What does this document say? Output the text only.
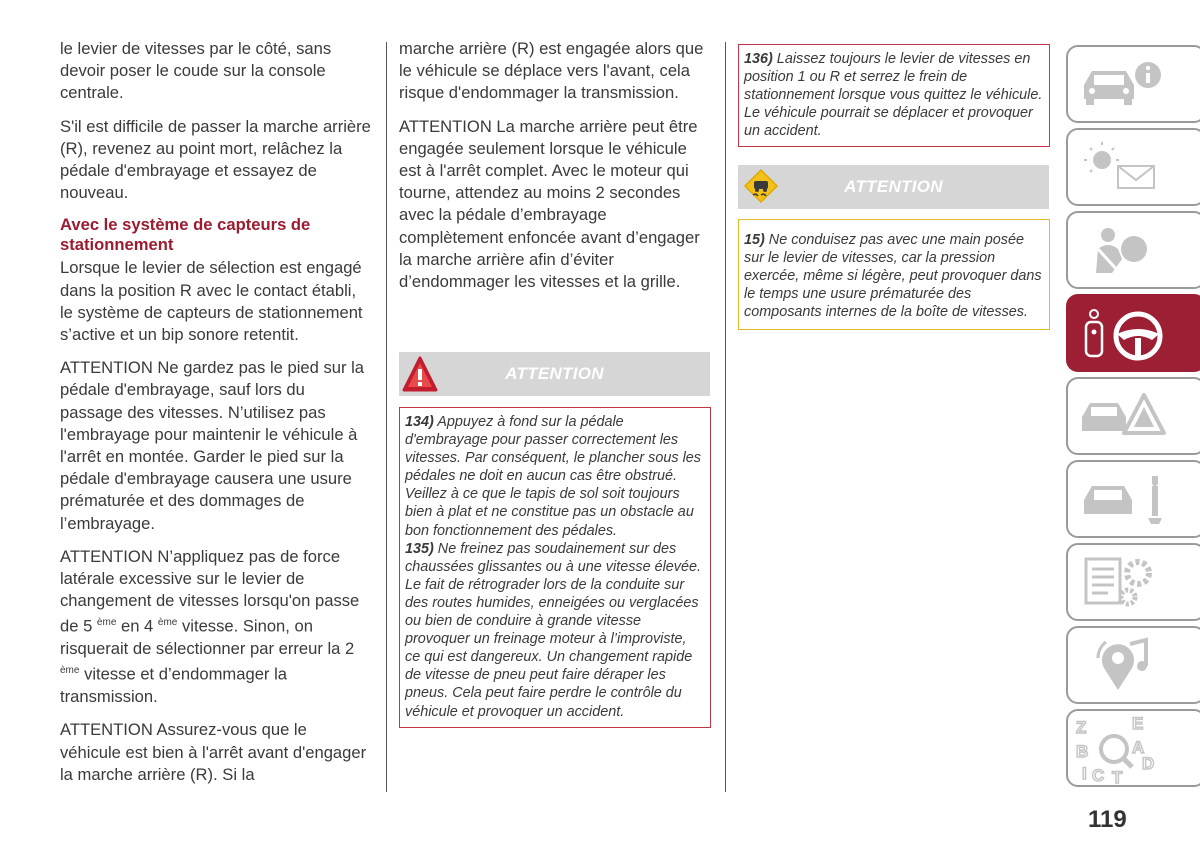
le levier de vitesses par le côté, sans devoir poser le coude sur la console centrale.

S'il est difficile de passer la marche arrière (R), revenez au point mort, relâchez la pédale d'embrayage et essayez de nouveau.

Avec le système de capteurs de stationnement

Lorsque le levier de sélection est engagé dans la position R avec le contact établi, le système de capteurs de stationnement s’active et un bip sonore retentit.

ATTENTION Ne gardez pas le pied sur la pédale d'embrayage, sauf lors du passage des vitesses. N’utilisez pas l'embrayage pour maintenir le véhicule à l'arrêt en montée. Garder le pied sur la pédale d'embrayage causera une usure prématurée et des dommages de l’embrayage.

ATTENTION N’appliquez pas de force latérale excessive sur le levier de changement de vitesses lorsqu'on passe de 5 $^{ème}$ en 4 $^{ème}$ vitesse. Sinon, on risquerait de sélectionner par erreur la 2 $^{ème}$ vitesse et d’endommager la transmission.

ATTENTION Assurez-vous que le véhicule est bien à l'arrêt avant d'engager la marche arrière (R). Si la

marche arrière (R) est engagée alors que le véhicule se déplace vers l'avant, cela risque d'endommager la transmission.

ATTENTION La marche arrière peut être engagée seulement lorsque le véhicule est à l'arrêt complet. Avec le moteur qui tourne, attendez au moins 2 secondes avec la pédale d’embrayage complètement enfoncée avant d’engager la marche arrière afin d’éviter d’endommager les vitesses et la grille.

ATTENTION

134) Appuyez à fond sur la pédale d'embrayage pour passer correctement les vitesses. Par conséquent, le plancher sous les pédales ne doit en aucun cas être obstrué. Veillez à ce que le tapis de sol soit toujours bien à plat et ne constitue pas un obstacle au bon fonctionnement des pédales.

135) Ne freinez pas soudainement sur des chaussées glissantes ou à une vitesse élevée. Le fait de rétrograder lors de la conduite sur des routes humides, enneigées ou verglacées ou bien de conduire à grande vitesse provoquer un freinage moteur à l’improviste, ce qui est dangereux. Un changement rapide de vitesse de pneu peut faire déraper les pneus. Cela peut faire perdre le contrôle du véhicule et provoquer un accident.

136) Laissez toujours le levier de vitesses en position 1 ou R et serrez le frein de stationnement lorsque vous quittez le véhicule. Le véhicule pourrait se déplacer et provoquer un accident.

ATTENTION

15) Ne conduisez pas avec une main posée sur le levier de vitesses, car la pression exercée, même si légère, peut provoquer dans le temps une usure prématurée des composants internes de la boîte de vitesses.

Z	E
B	A
I C T
D
119
